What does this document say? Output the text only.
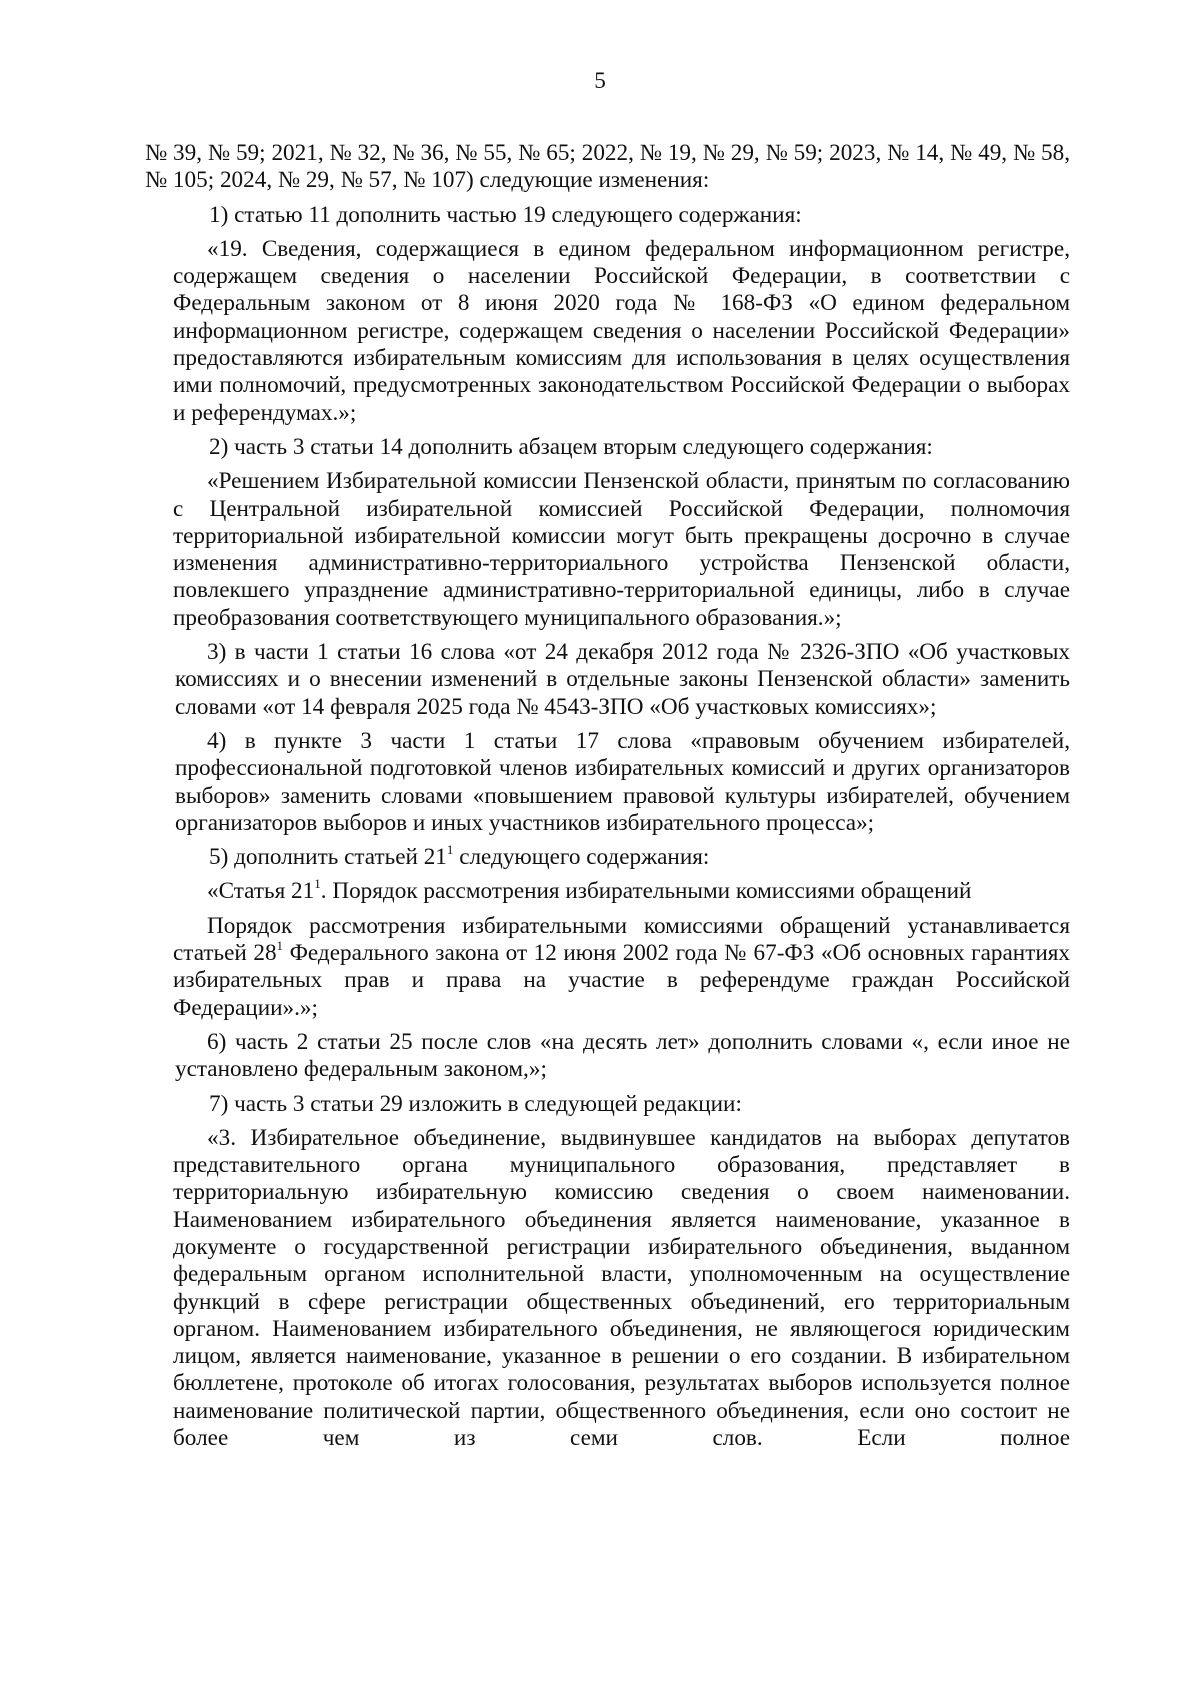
5

№ 39, № 59; 2021, № 32, № 36, № 55, № 65; 2022, № 19, № 29, № 59; 2023, № 14, № 49, № 58, № 105; 2024, № 29, № 57, № 107) следующие изменения:

1) статью 11 дополнить частью 19 следующего содержания:

«19. Сведения, содержащиеся в едином федеральном информационном регистре, содержащем сведения о населении Российской Федерации, в соответствии с Федеральным законом от 8 июня 2020 года № 168-ФЗ «О едином федеральном информационном регистре, содержащем сведения о населении Российской Федерации» предоставляются избирательным комиссиям для использования в целях осуществления ими полномочий, предусмотренных законодательством Российской Федерации о выборах и референдумах.»;

2) часть 3 статьи 14 дополнить абзацем вторым следующего содержания:

«Решением Избирательной комиссии Пензенской области, принятым по согласованию с Центральной избирательной комиссией Российской Федерации, полномочия территориальной избирательной комиссии могут быть прекращены досрочно в случае изменения административно-территориального устройства Пензенской области, повлекшего упразднение административно-территориальной единицы, либо в случае преобразования соответствующего муниципального образования.»;

3) в части 1 статьи 16 слова «от 24 декабря 2012 года № 2326-ЗПО «Об участковых комиссиях и о внесении изменений в отдельные законы Пензенской области» заменить словами «от 14 февраля 2025 года № 4543-ЗПО «Об участковых комиссиях»;

4) в пункте 3 части 1 статьи 17 слова «правовым обучением избирателей, профессиональной подготовкой членов избирательных комиссий и других организаторов выборов» заменить словами «повышением правовой культуры избирателей, обучением организаторов выборов и иных участников избирательного процесса»;

5) дополнить статьей $21^1$ следующего содержания:

«Статья $21^1$. Порядок рассмотрения избирательными комиссиями обращений

Порядок рассмотрения избирательными комиссиями обращений устанавливается статьей $28^1$ Федерального закона от 12 июня 2002 года № 67-ФЗ «Об основных гарантиях избирательных прав и права на участие в референдуме граждан Российской Федерации».»;

6) часть 2 статьи 25 после слов «на десять лет» дополнить словами «, если иное не установлено федеральным законом,»;

7) часть 3 статьи 29 изложить в следующей редакции:

«3. Избирательное объединение, выдвинувшее кандидатов на выборах депутатов представительного органа муниципального образования, представляет в территориальную избирательную комиссию сведения о своем наименовании. Наименованием избирательного объединения является наименование, указанное в документе о государственной регистрации избирательного объединения, выданном федеральным органом исполнительной власти, уполномоченным на осуществление функций в сфере регистрации общественных объединений, его территориальным органом. Наименованием избирательного объединения, не являющегося юридическим лицом, является наименование, указанное в решении о его создании. В избирательном бюллетене, протоколе об итогах голосования, результатах выборов используется полное наименование политической партии, общественного объединения, если оно состоит не более чем из семи слов. Если полное
